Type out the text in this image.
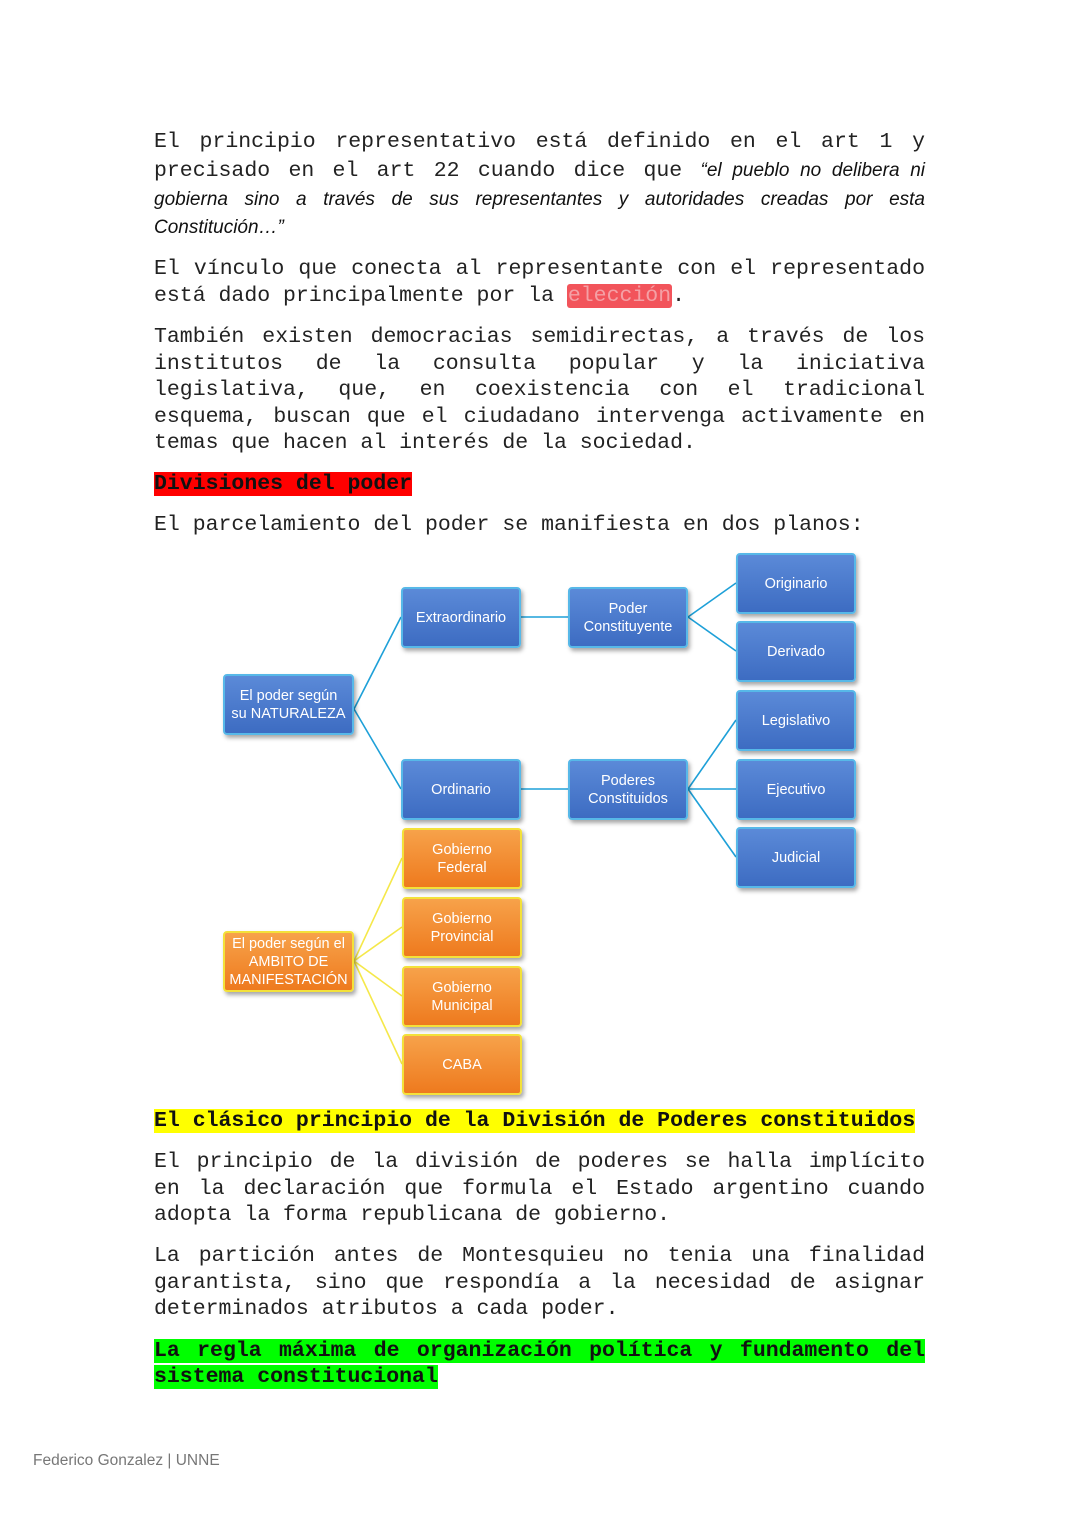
El principio representativo está definido en el art 1 y precisado en el art 22 cuando dice que “el pueblo no delibera ni gobierna sino a través de sus representantes y autoridades creadas por esta Constitución…”

El vínculo que conecta al representante con el representado está dado principalmente por la elección.

También existen democracias semidirectas, a través de los institutos de la consulta popular y la iniciativa legislativa, que, en coexistencia con el tradicional esquema, buscan que el ciudadano intervenga activamente en temas que hacen al interés de la sociedad.

Divisiones del poder

El parcelamiento del poder se manifiesta en dos planos:

El poder según su NATURALEZA
Extraordinario
Ordinario
Poder Constituyente
Poderes Constituidos
Originario
Derivado
Legislativo
Ejecutivo
Judicial
El poder según el AMBITO DE MANIFESTACIÓN
Gobierno Federal
Gobierno Provincial
Gobierno Municipal
CABA

El clásico principio de la División de Poderes constituidos

El principio de la división de poderes se halla implícito en la declaración que formula el Estado argentino cuando adopta la forma republicana de gobierno.

La partición antes de Montesquieu no tenia una finalidad garantista, sino que respondía a la necesidad de asignar determinados atributos a cada poder.

La regla máxima de organización política y fundamento del sistema constitucional

Federico Gonzalez | UNNE
